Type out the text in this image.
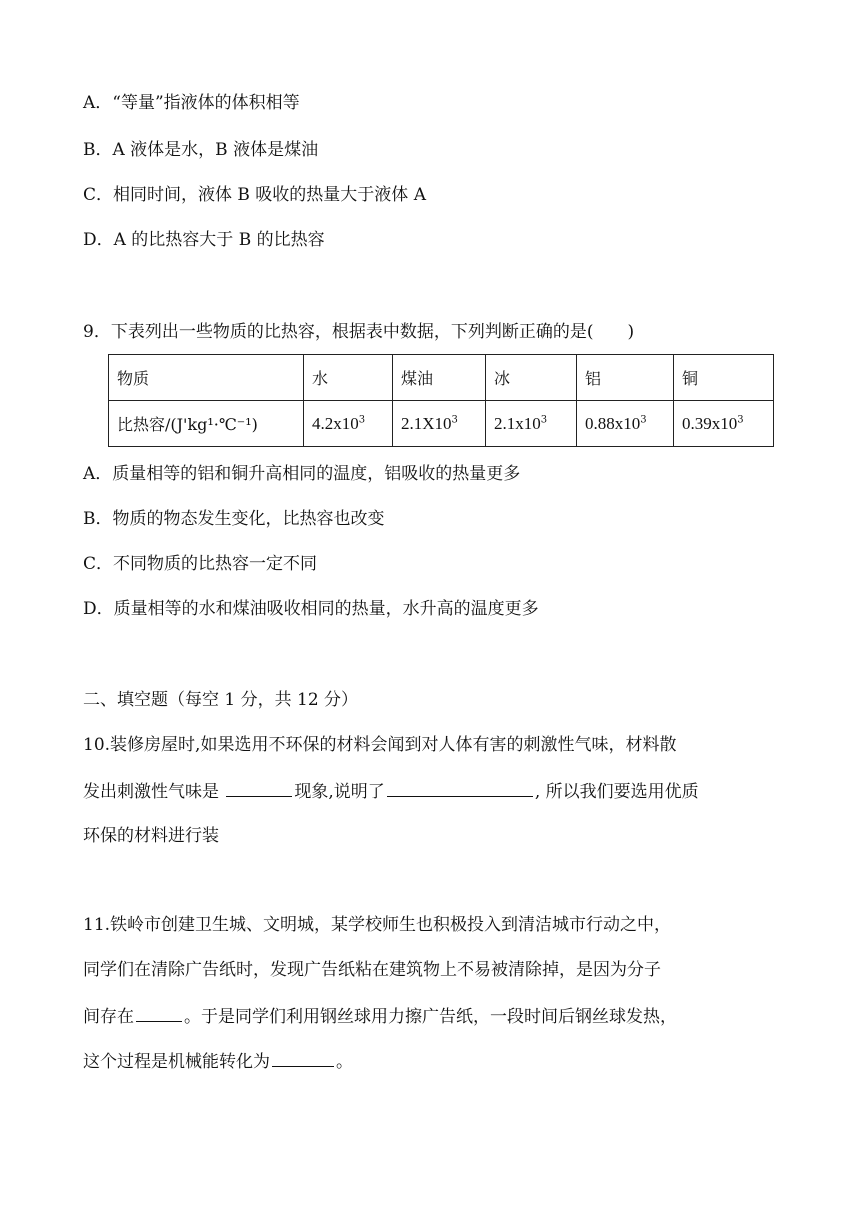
A．“等量”指液体的体积相等
B．A 液体是水，B 液体是煤油
C．相同时间，液体 B 吸收的热量大于液体 A
D．A 的比热容大于 B 的比热容
9．下表列出一些物质的比热容，根据表中数据，下列判断正确的是(　　)
物质	水	煤油	冰	铝	铜
比热容/(J'kg¹·℃⁻¹)	$4.2x10^3$	$2.1X10^3$	$2.1x10^3$	$0.88x10^3$	$0.39x10^3$
A．质量相等的铝和铜升高相同的温度，铝吸收的热量更多
B．物质的物态发生变化，比热容也改变
C．不同物质的比热容一定不同
D．质量相等的水和煤油吸收相同的热量，水升高的温度更多
二、填空题（每空 1 分，共 12 分）
10.装修房屋时,如果选用不环保的材料会闻到对人体有害的刺激性气味，材料散
发出刺激性气味是	现象,说明了	, 所以我们要选用优质
环保的材料进行装
11.铁岭市创建卫生城、文明城，某学校师生也积极投入到清洁城市行动之中，
同学们在清除广告纸时，发现广告纸粘在建筑物上不易被清除掉，是因为分子
间存在	。于是同学们利用钢丝球用力擦广告纸，一段时间后钢丝球发热，
这个过程是机械能转化为	。
